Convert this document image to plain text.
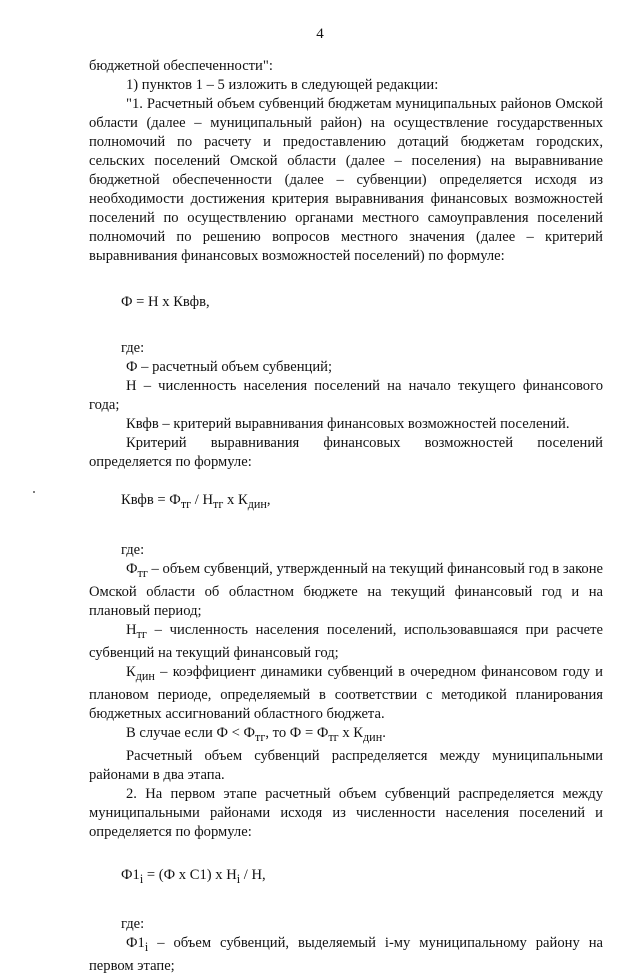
4

бюджетной обеспеченности":

1) пунктов 1 – 5 изложить в следующей редакции:

"1. Расчетный объем субвенций бюджетам муниципальных районов Омской области (далее – муниципальный район) на осуществление государственных полномочий по расчету и предоставлению дотаций бюджетам городских, сельских поселений Омской области (далее – поселения) на выравнивание бюджетной обеспеченности (далее – субвенции) определяется исходя из необходимости достижения критерия выравнивания финансовых возможностей поселений по осуществлению органами местного самоуправления поселений полномочий по решению вопросов местного значения (далее – критерий выравнивания финансовых возможностей поселений) по формуле:

Ф = Н х Квфв,

где:

Ф – расчетный объем субвенций;

Н – численность населения поселений на начало текущего финансового года;

Квфв – критерий выравнивания финансовых возможностей поселений.

Критерий выравнивания финансовых возможностей поселений определяется по формуле:

Квфв = $Ф_{тг} / Н_{тг}$ х $К_{дин}$,

где:

$Ф_{тг}$ – объем субвенций, утвержденный на текущий финансовый год в законе Омской области об областном бюджете на текущий финансовый год и на плановый период;

$Н_{тг}$ – численность населения поселений, использовавшаяся при расчете субвенций на текущий финансовый год;

$К_{дин}$ – коэффициент динамики субвенций в очередном финансовом году и плановом периоде, определяемый в соответствии с методикой планирования бюджетных ассигнований областного бюджета.

В случае если $Ф < Ф_{тг}$, то $Ф = Ф_{тг}$ х $К_{дин}$.

Расчетный объем субвенций распределяется между муниципальными районами в два этапа.

2. На первом этапе расчетный объем субвенций распределяется между муниципальными районами исходя из численности населения поселений и определяется по формуле:

$Ф1_i = (Ф$ х С1) х $Н_i$ / Н,

где:

$Ф1_i$ – объем субвенций, выделяемый i-му муниципальному району на первом этапе;
